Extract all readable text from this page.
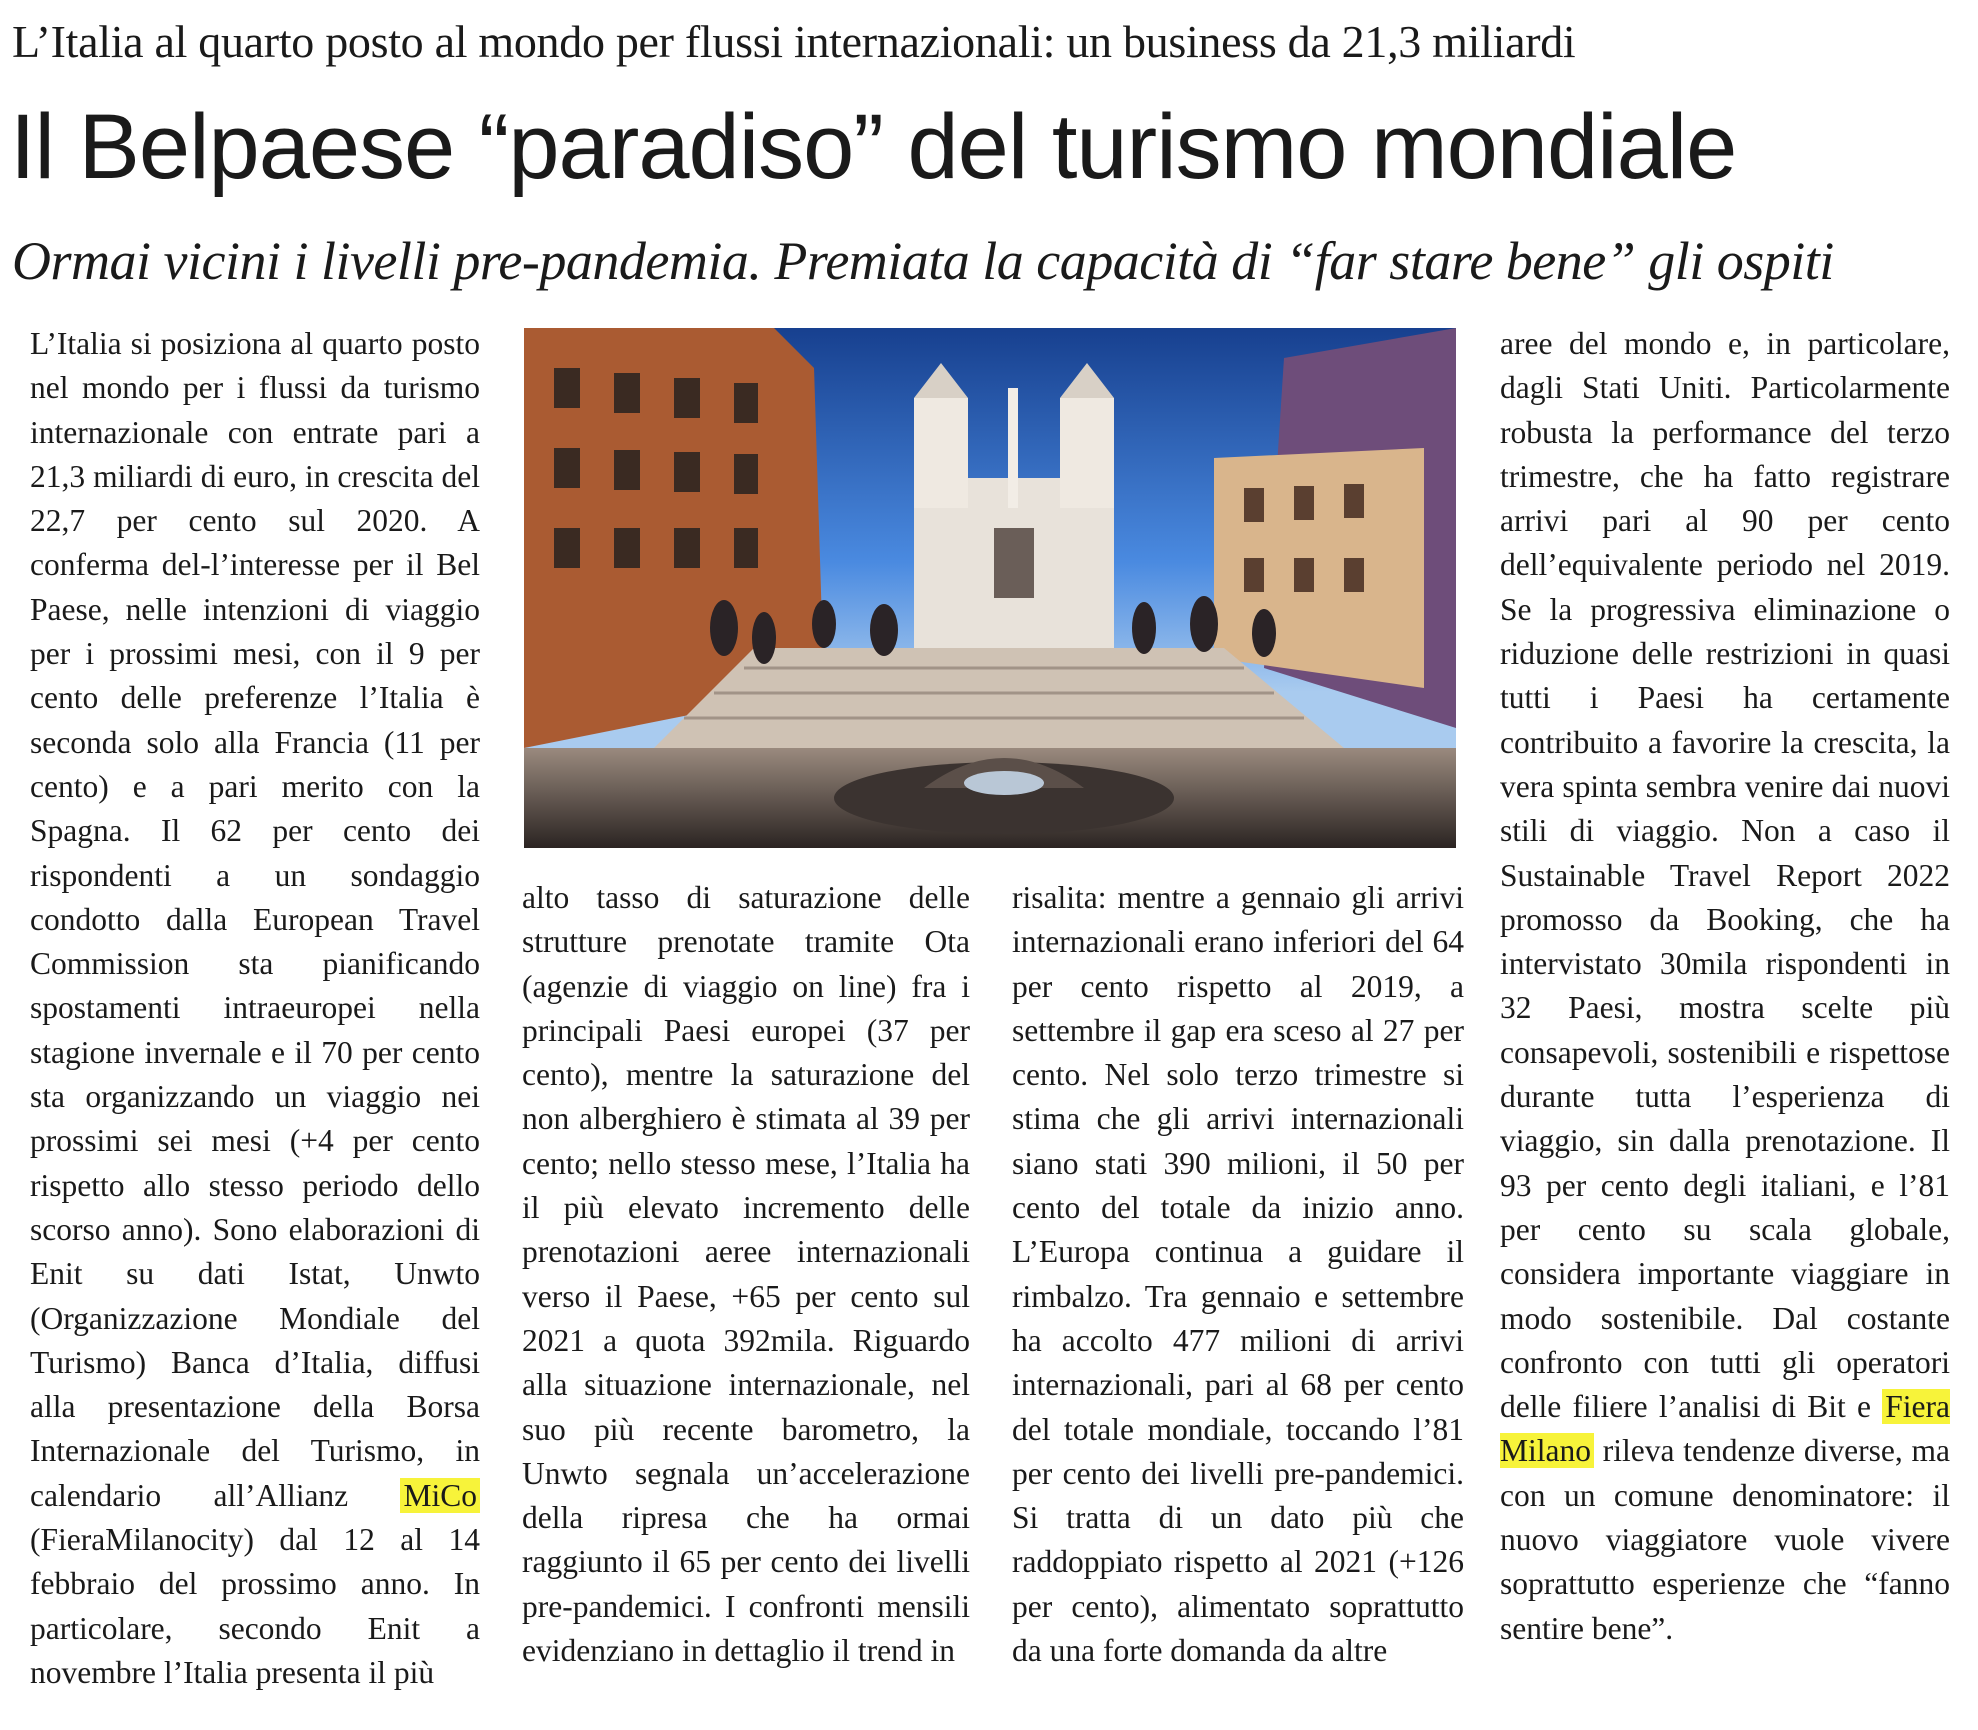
L’Italia al quarto posto al mondo per flussi internazionali: un business da 21,3 miliardi
Il Belpaese “paradiso” del turismo mondiale
Ormai vicini i livelli pre-pandemia. Premiata la capacità di “far stare bene” gli ospiti

L’Italia si posiziona al quarto posto nel mondo per i flussi da turismo internazionale con entrate pari a 21,3 miliardi di euro, in crescita del 22,7 per cento sul 2020. A conferma del-l’interesse per il Bel Paese, nelle intenzioni di viaggio per i prossimi mesi, con il 9 per cento delle preferenze l’Italia è seconda solo alla Francia (11 per cento) e a pari merito con la Spagna. Il 62 per cento dei rispondenti a un sondaggio condotto dalla European Travel Commission sta pianificando spostamenti intraeuropei nella stagione invernale e il 70 per cento sta organizzando un viaggio nei prossimi sei mesi (+4 per cento rispetto allo stesso periodo dello scorso anno). Sono elaborazioni di Enit su dati Istat, Unwto (Organizzazione Mondiale del Turismo) Banca d’Italia, diffusi alla presentazione della Borsa Internazionale del Turismo, in calendario all’Allianz MiCo (FieraMilanocity) dal 12 al 14 febbraio del prossimo anno. In particolare, secondo Enit a novembre l’Italia presenta il più

alto tasso di saturazione delle strutture prenotate tramite Ota (agenzie di viaggio on line) fra i principali Paesi europei (37 per cento), mentre la saturazione del non alberghiero è stimata al 39 per cento; nello stesso mese, l’Italia ha il più elevato incremento delle prenotazioni aeree internazionali verso il Paese, +65 per cento sul 2021 a quota 392mila. Riguardo alla situazione internazionale, nel suo più recente barometro, la Unwto segnala un’accelerazione della ripresa che ha ormai raggiunto il 65 per cento dei livelli pre-pandemici. I confronti mensili evidenziano in dettaglio il trend in

risalita: mentre a gennaio gli arrivi internazionali erano inferiori del 64 per cento rispetto al 2019, a settembre il gap era sceso al 27 per cento. Nel solo terzo trimestre si stima che gli arrivi internazionali siano stati 390 milioni, il 50 per cento del totale da inizio anno. L’Europa continua a guidare il rimbalzo. Tra gennaio e settembre ha accolto 477 milioni di arrivi internazionali, pari al 68 per cento del totale mondiale, toccando l’81 per cento dei livelli pre-pandemici. Si tratta di un dato più che raddoppiato rispetto al 2021 (+126 per cento), alimentato soprattutto da una forte domanda da altre

aree del mondo e, in particolare, dagli Stati Uniti. Particolarmente robusta la performance del terzo trimestre, che ha fatto registrare arrivi pari al 90 per cento dell’equivalente periodo nel 2019. Se la progressiva eliminazione o riduzione delle restrizioni in quasi tutti i Paesi ha certamente contribuito a favorire la crescita, la vera spinta sembra venire dai nuovi stili di viaggio. Non a caso il Sustainable Travel Report 2022 promosso da Booking, che ha intervistato 30mila rispondenti in 32 Paesi, mostra scelte più consapevoli, sostenibili e rispettose durante tutta l’esperienza di viaggio, sin dalla prenotazione. Il 93 per cento degli italiani, e l’81 per cento su scala globale, considera importante viaggiare in modo sostenibile. Dal costante confronto con tutti gli operatori delle filiere l’analisi di Bit e Fiera Milano rileva tendenze diverse, ma con un comune denominatore: il nuovo viaggiatore vuole vivere soprattutto esperienze che “fanno sentire bene”.
